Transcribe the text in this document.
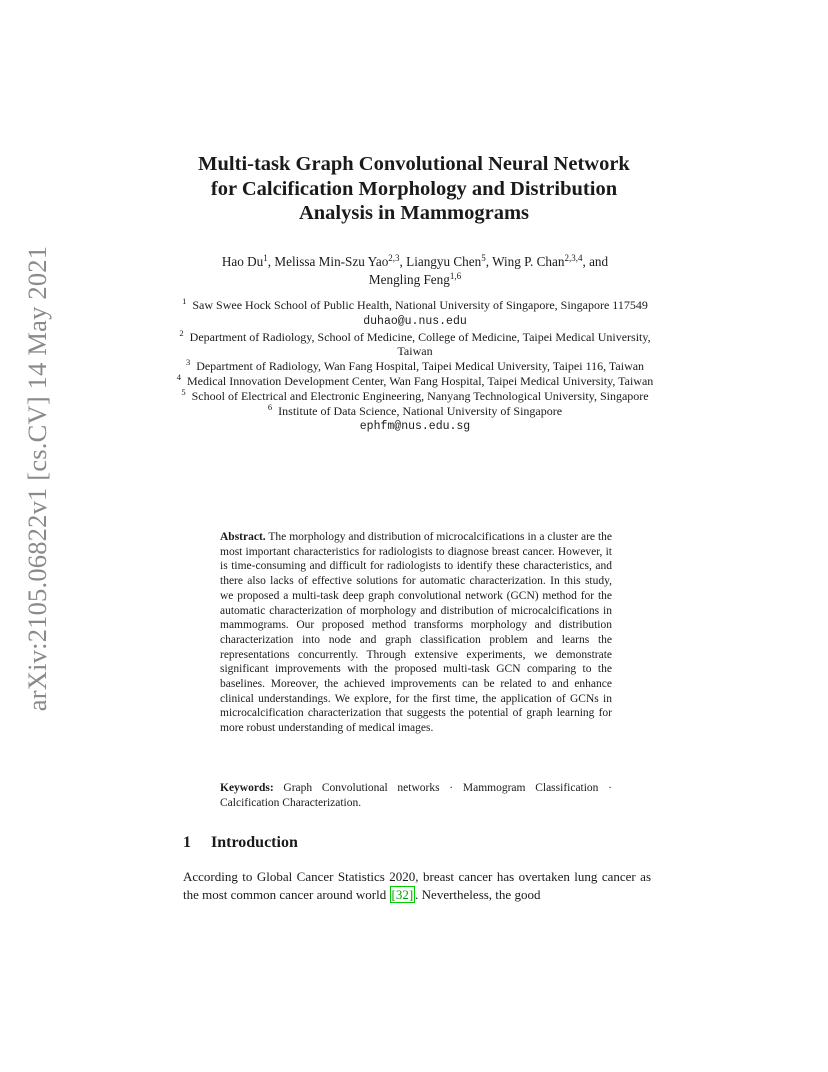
arXiv:2105.06822v1 [cs.CV] 14 May 2021
Multi-task Graph Convolutional Neural Network
for Calcification Morphology and Distribution
Analysis in Mammograms
Hao Du$^1$, Melissa Min-Szu Yao$^{2,3}$, Liangyu Chen$^5$, Wing P. Chan$^{2,3,4}$, and
Mengling Feng$^{1,6}$
$^1$ Saw Swee Hock School of Public Health, National University of Singapore, Singapore 117549
duhao@u.nus.edu
$^2$ Department of Radiology, School of Medicine, College of Medicine, Taipei Medical University, Taiwan
$^3$ Department of Radiology, Wan Fang Hospital, Taipei Medical University, Taipei 116, Taiwan
$^4$ Medical Innovation Development Center, Wan Fang Hospital, Taipei Medical University, Taiwan
$^5$ School of Electrical and Electronic Engineering, Nanyang Technological University, Singapore
$^6$ Institute of Data Science, National University of Singapore
ephfm@nus.edu.sg

Abstract. The morphology and distribution of microcalcifications in a cluster are the most important characteristics for radiologists to diagnose breast cancer. However, it is time-consuming and difficult for radiologists to identify these characteristics, and there also lacks of effective solutions for automatic characterization. In this study, we proposed a multi-task deep graph convolutional network (GCN) method for the automatic characterization of morphology and distribution of microcalcifications in mammograms. Our proposed method transforms morphology and distribution characterization into node and graph classification problem and learns the representations concurrently. Through extensive experiments, we demonstrate significant improvements with the proposed multi-task GCN comparing to the baselines. Moreover, the achieved improvements can be related to and enhance clinical understandings. We explore, for the first time, the application of GCNs in microcalcification characterization that suggests the potential of graph learning for more robust understanding of medical images.

Keywords: Graph Convolutional networks · Mammogram Classification · Calcification Characterization.

1 Introduction

According to Global Cancer Statistics 2020, breast cancer has overtaken lung cancer as the most common cancer around world [32] . Nevertheless, the good
